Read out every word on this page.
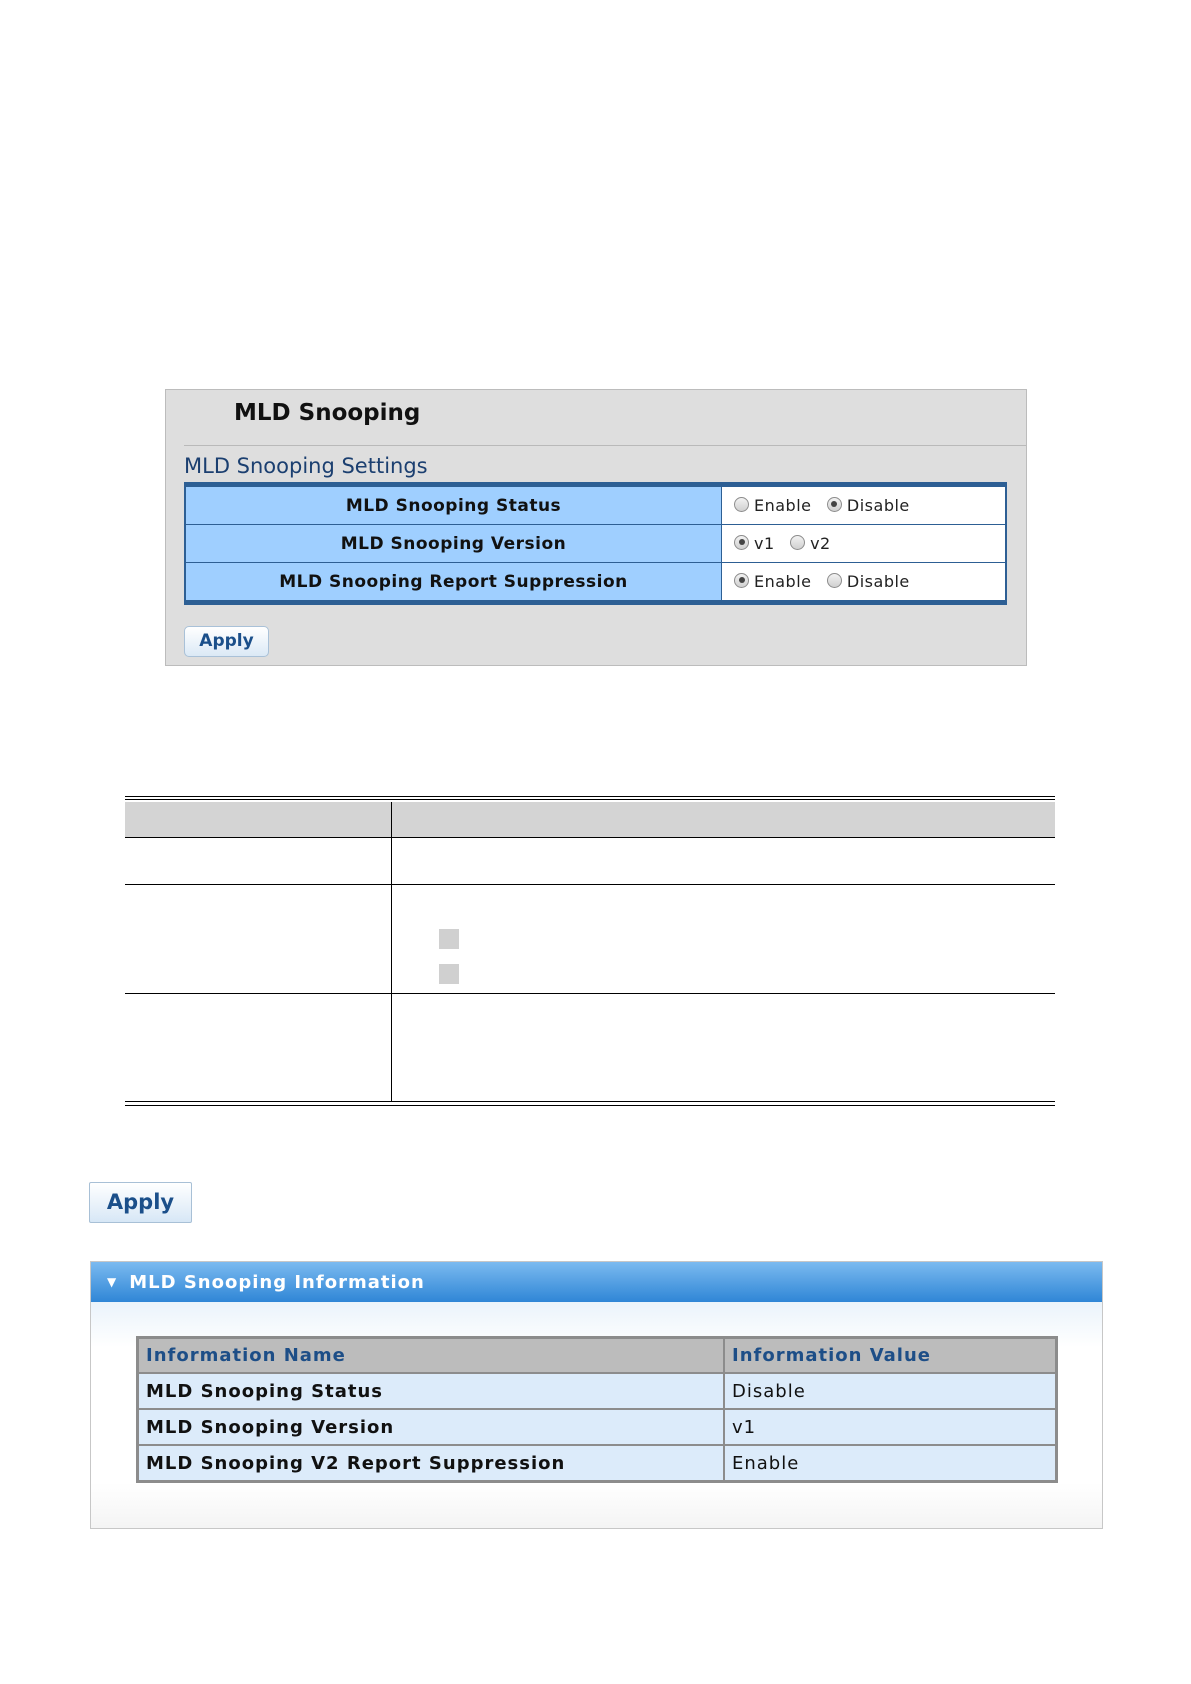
MLD Snooping
MLD Snooping Settings
MLD Snooping Status	Enable Disable
MLD Snooping Version	v1 v2
MLD Snooping Report Suppression	Enable Disable
Apply
Apply
▼ MLD Snooping Information
Information Name	Information Value
MLD Snooping Status	Disable
MLD Snooping Version	v1
MLD Snooping V2 Report Suppression	Enable
